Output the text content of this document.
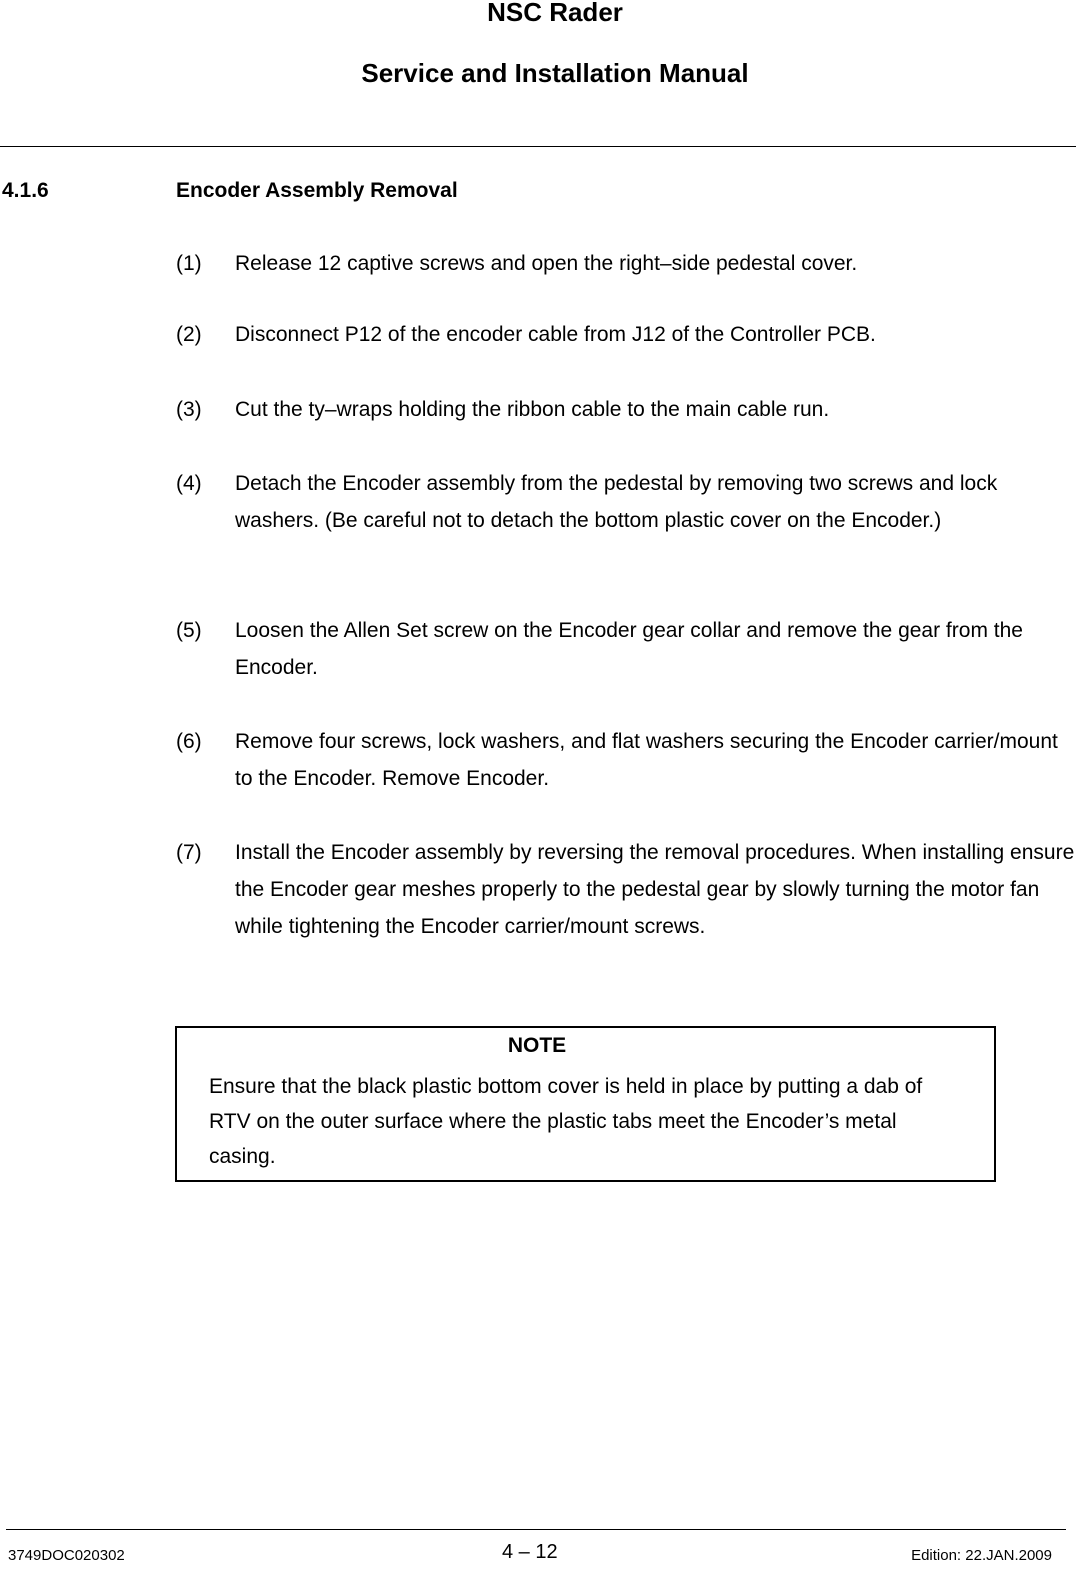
NSC Rader
Service and Installation Manual
4.1.6	Encoder Assembly Removal
(1) Release 12 captive screws and open the right–side pedestal cover.
(2) Disconnect P12 of the encoder cable from J12 of the Controller PCB.
(3) Cut the ty–wraps holding the ribbon cable to the main cable run.
(4) Detach the Encoder assembly from the pedestal by removing two screws and lock washers. (Be careful not to detach the bottom plastic cover on the Encoder.)
(5) Loosen the Allen Set screw on the Encoder gear collar and remove the gear from the Encoder.
(6) Remove four screws, lock washers, and flat washers securing the Encoder carrier/mount to the Encoder. Remove Encoder.
(7) Install the Encoder assembly by reversing the removal procedures. When installing ensure the Encoder gear meshes properly to the pedestal gear by slowly turning the motor fan while tightening the Encoder carrier/mount screws.
NOTE
Ensure that the black plastic bottom cover is held in place by putting a dab of RTV on the outer surface where the plastic tabs meet the Encoder’s metal casing.
3749DOC020302	4 – 12	Edition: 22.JAN.2009
